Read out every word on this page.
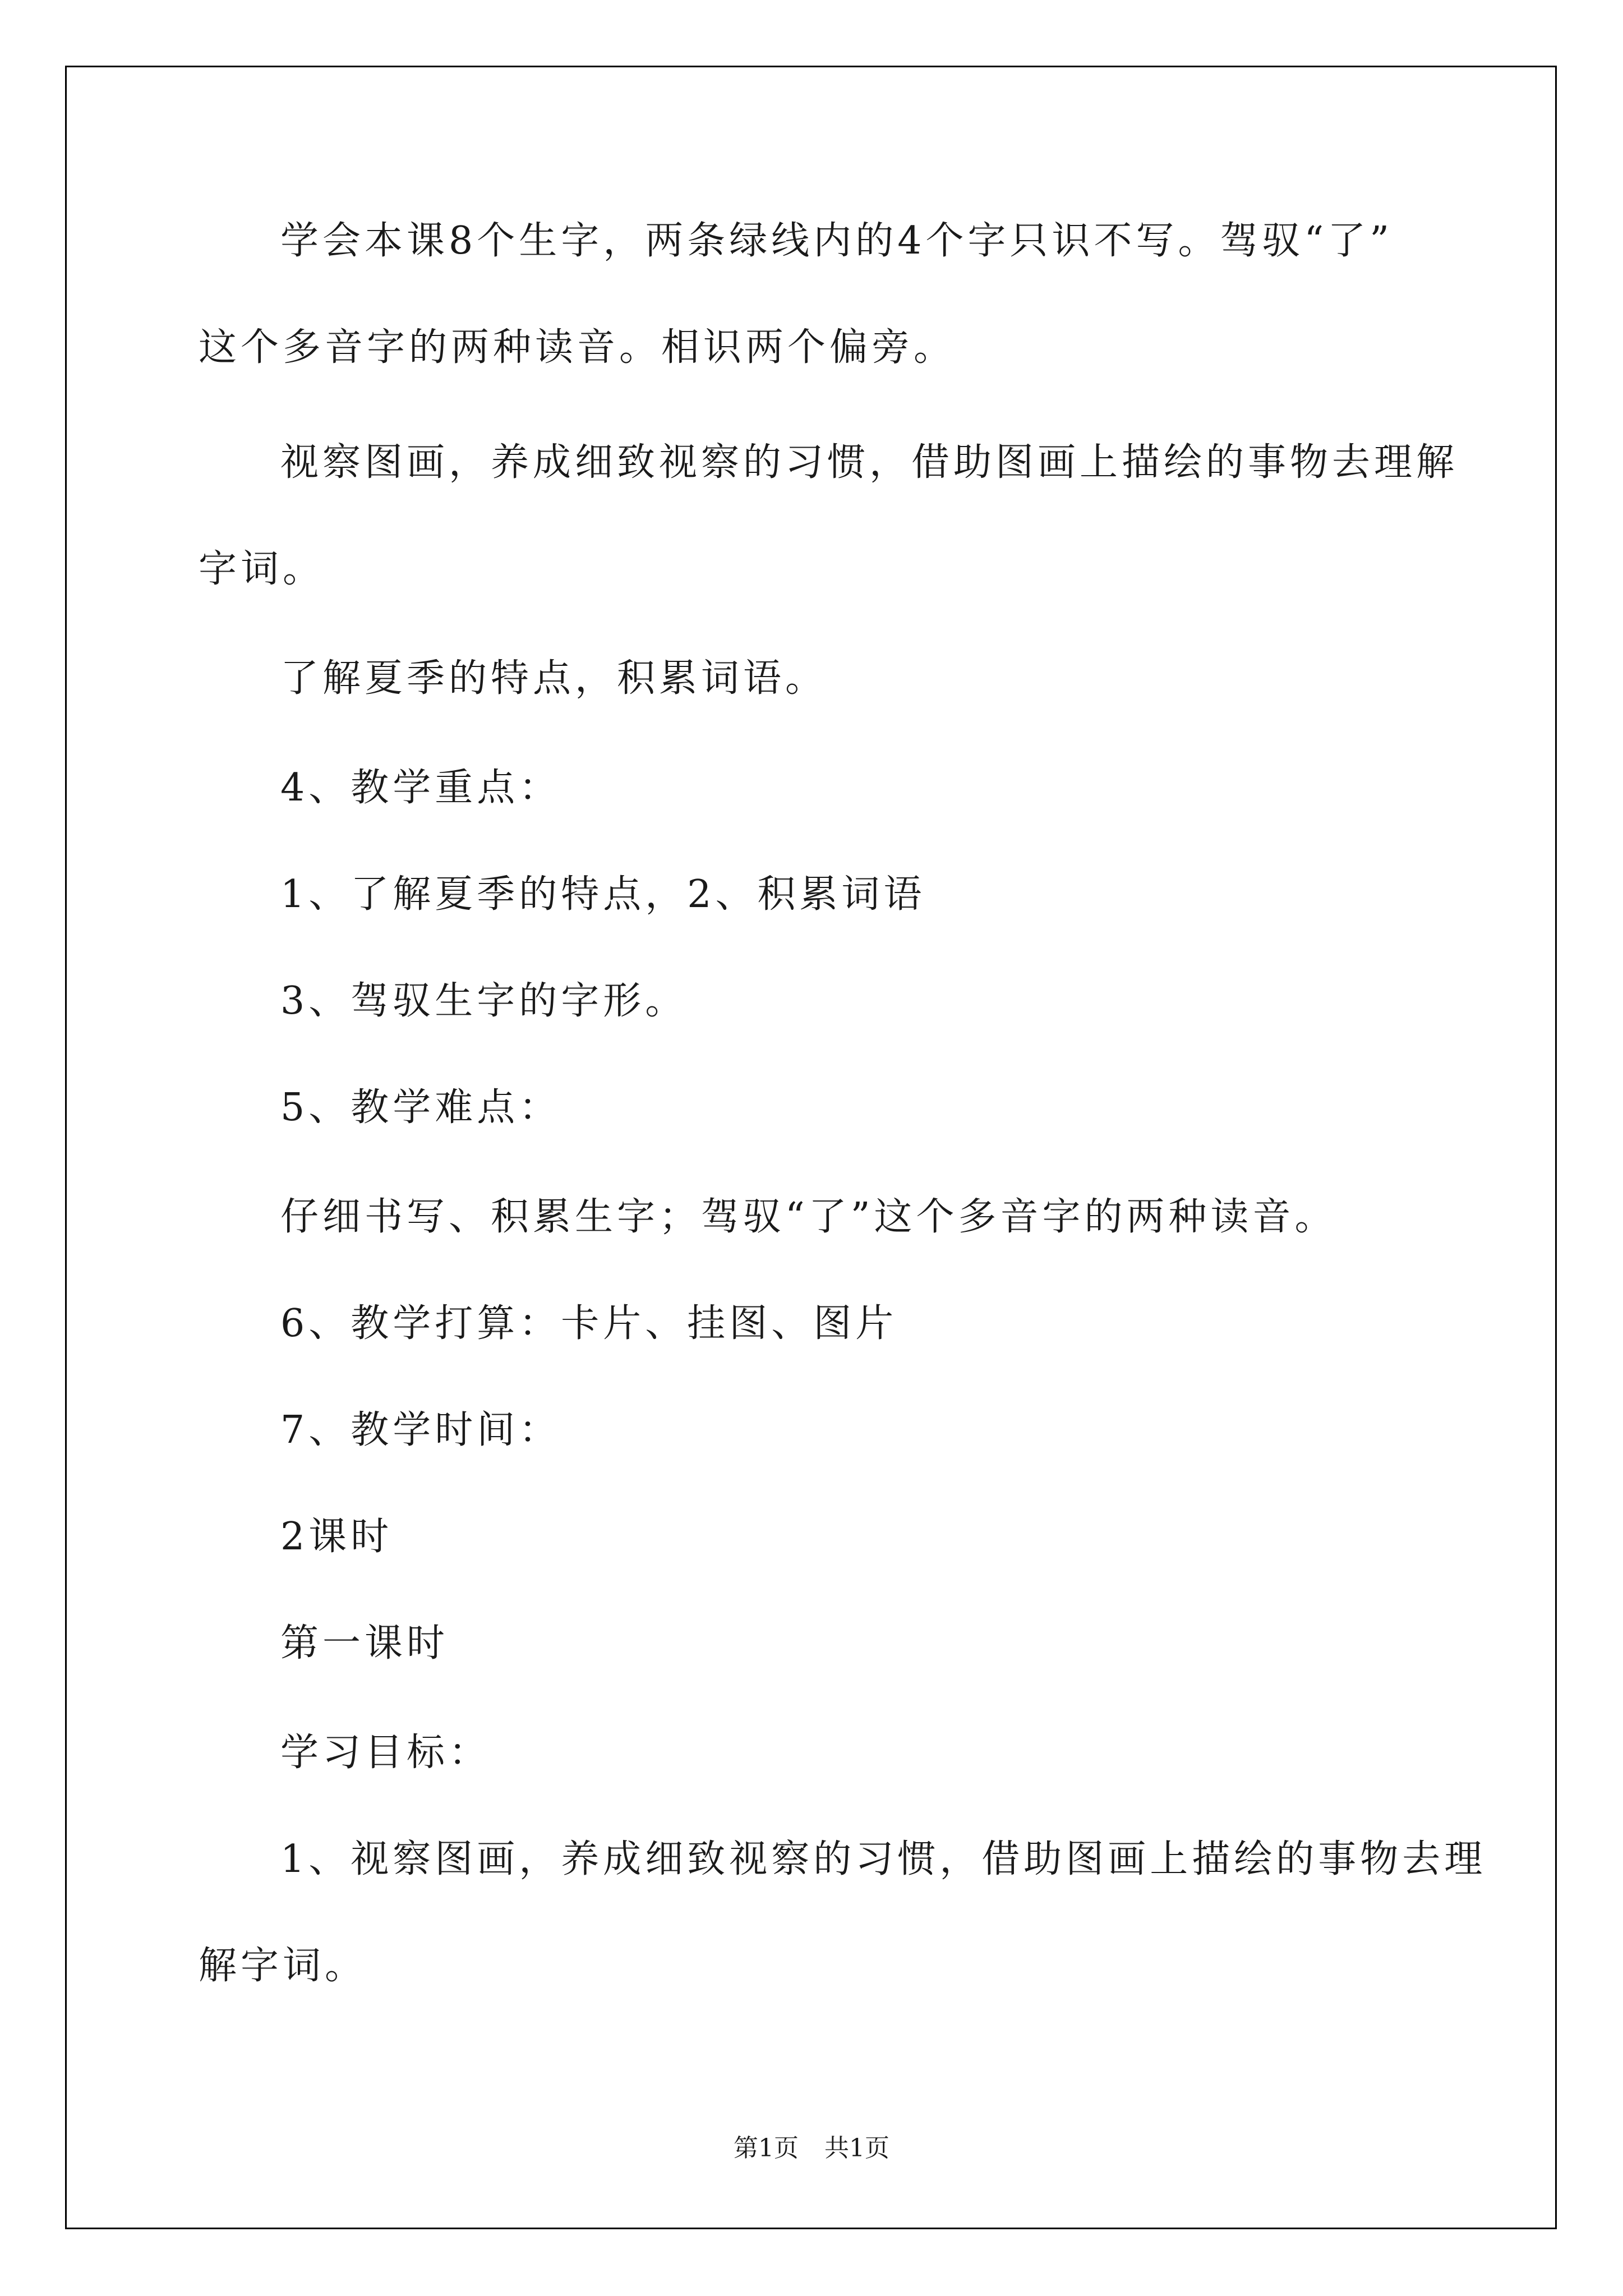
学会本课8个生字，两条绿线内的4个字只识不写。驾驭“了”
这个多音字的两种读音。相识两个偏旁。
视察图画，养成细致视察的习惯，借助图画上描绘的事物去理解
字词。
了解夏季的特点，积累词语。
4、教学重点：
1、了解夏季的特点，2、积累词语
3、驾驭生字的字形。
5、教学难点：
仔细书写、积累生字；驾驭“了”这个多音字的两种读音。
6、教学打算：卡片、挂图、图片
7、教学时间：
2课时
第一课时
学习目标：
1、视察图画，养成细致视察的习惯，借助图画上描绘的事物去理
解字词。
第1页 共1页
